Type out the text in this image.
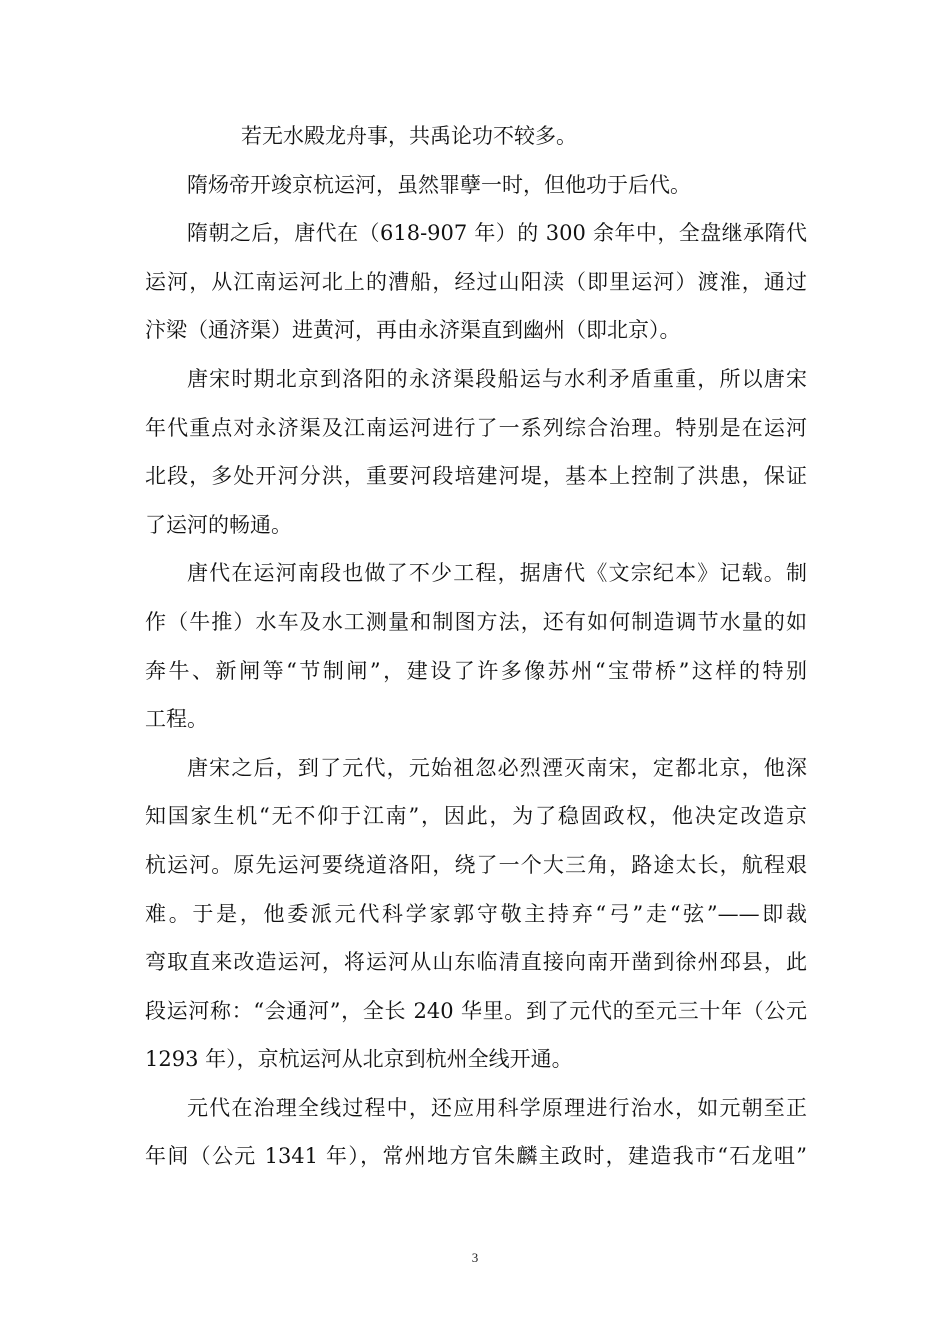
若无水殿龙舟事，共禹论功不较多。
隋炀帝开竣京杭运河，虽然罪孽一时，但他功于后代。
隋朝之后，唐代在（618-907 年）的 300 余年中，全盘继承隋代
运河，从江南运河北上的漕船，经过山阳渎（即里运河）渡淮，通过
汴梁（通济渠）进黄河，再由永济渠直到幽州（即北京）。
唐宋时期北京到洛阳的永济渠段船运与水利矛盾重重，所以唐宋
年代重点对永济渠及江南运河进行了一系列综合治理。特别是在运河
北段，多处开河分洪，重要河段培建河堤，基本上控制了洪患，保证
了运河的畅通。
唐代在运河南段也做了不少工程，据唐代《文宗纪本》记载。制
作（牛推）水车及水工测量和制图方法，还有如何制造调节水量的如
奔牛、新闸等“节制闸”，建设了许多像苏州“宝带桥”这样的特别
工程。
唐宋之后，到了元代，元始祖忽必烈湮灭南宋，定都北京，他深
知国家生机“无不仰于江南”，因此，为了稳固政权，他决定改造京
杭运河。原先运河要绕道洛阳，绕了一个大三角，路途太长，航程艰
难。于是，他委派元代科学家郭守敬主持弃“弓”走“弦”——即裁
弯取直来改造运河，将运河从山东临清直接向南开凿到徐州邳县，此
段运河称：“会通河”，全长 240 华里。到了元代的至元三十年（公元
1293 年），京杭运河从北京到杭州全线开通。
元代在治理全线过程中，还应用科学原理进行治水，如元朝至正
年间（公元 1341 年），常州地方官朱麟主政时，建造我市“石龙咀”
3
